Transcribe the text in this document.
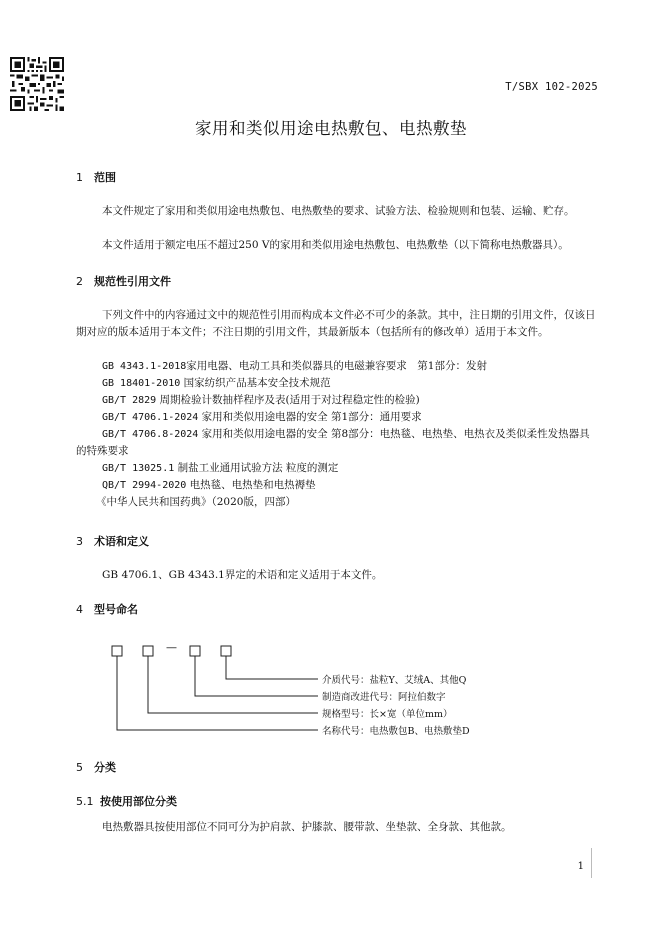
T/SBX 102-2025
家用和类似用途电热敷包、电热敷垫
1 范围
本文件规定了家用和类似用途电热敷包、电热敷垫的要求、试验方法、检验规则和包装、运输、贮存。
本文件适用于额定电压不超过250 V的家用和类似用途电热敷包、电热敷垫（以下简称电热敷器具）。
2 规范性引用文件
下列文件中的内容通过文中的规范性引用而构成本文件必不可少的条款。其中，注日期的引用文件，仅该日期对应的版本适用于本文件；不注日期的引用文件，其最新版本（包括所有的修改单）适用于本文件。
GB 4343.1-2018家用电器、电动工具和类似器具的电磁兼容要求　第1部分：发射
GB 18401-2010 国家纺织产品基本安全技术规范
GB/T 2829 周期检验计数抽样程序及表(适用于对过程稳定性的检验)
GB/T 4706.1-2024 家用和类似用途电器的安全 第1部分：通用要求
GB/T 4706.8-2024 家用和类似用途电器的安全 第8部分：电热毯、电热垫、电热衣及类似柔性发热器具的特殊要求
GB/T 13025.1 制盐工业通用试验方法 粒度的测定
QB/T 2994-2020 电热毯、电热垫和电热褥垫
《中华人民共和国药典》（2020版，四部）
3 术语和定义
GB 4706.1、GB 4343.1界定的术语和定义适用于本文件。
4 型号命名
—
介质代号：盐粒Y、艾绒A、其他Q
制造商改进代号：阿拉伯数字
规格型号：长×宽（单位mm）
名称代号：电热敷包B、电热敷垫D
5 分类
5.1 按使用部位分类
电热敷器具按使用部位不同可分为护肩款、护膝款、腰带款、坐垫款、全身款、其他款。
1
